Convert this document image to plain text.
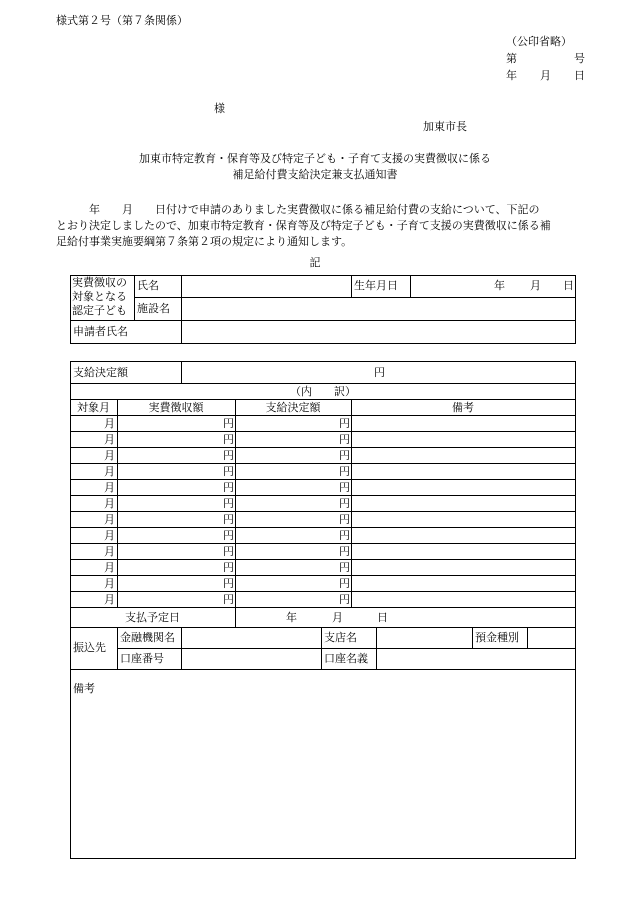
様式第２号（第７条関係）
（公印省略）
第	号
年 月 日
様
加東市長
加東市特定教育・保育等及び特定子ども・子育て支援の実費徴収に係る
補足給付費支給決定兼支払通知書
　　　年　　月　　日付けで申請のありました実費徴収に係る補足給付費の支給について、下記の
とおり決定しましたので、加東市特定教育・保育等及び特定子ども・子育て支援の実費徴収に係る補
足給付事業実施要綱第７条第２項の規定により通知します。
記
実費徴収の
対象となる
認定子ども
氏名	生年月日	年 月 日
施設名
申請者氏名
支給決定額	円
（内　　訳）
対象月	実費徴収額	支給決定額	備考
月	円	円
月	円	円
月	円	円
月	円	円
月	円	円
月	円	円
月	円	円
月	円	円
月	円	円
月	円	円
月	円	円
月	円	円
支払予定日	年	月	日
振込先
金融機関名	支店名	預金種別
口座番号	口座名義
備考
